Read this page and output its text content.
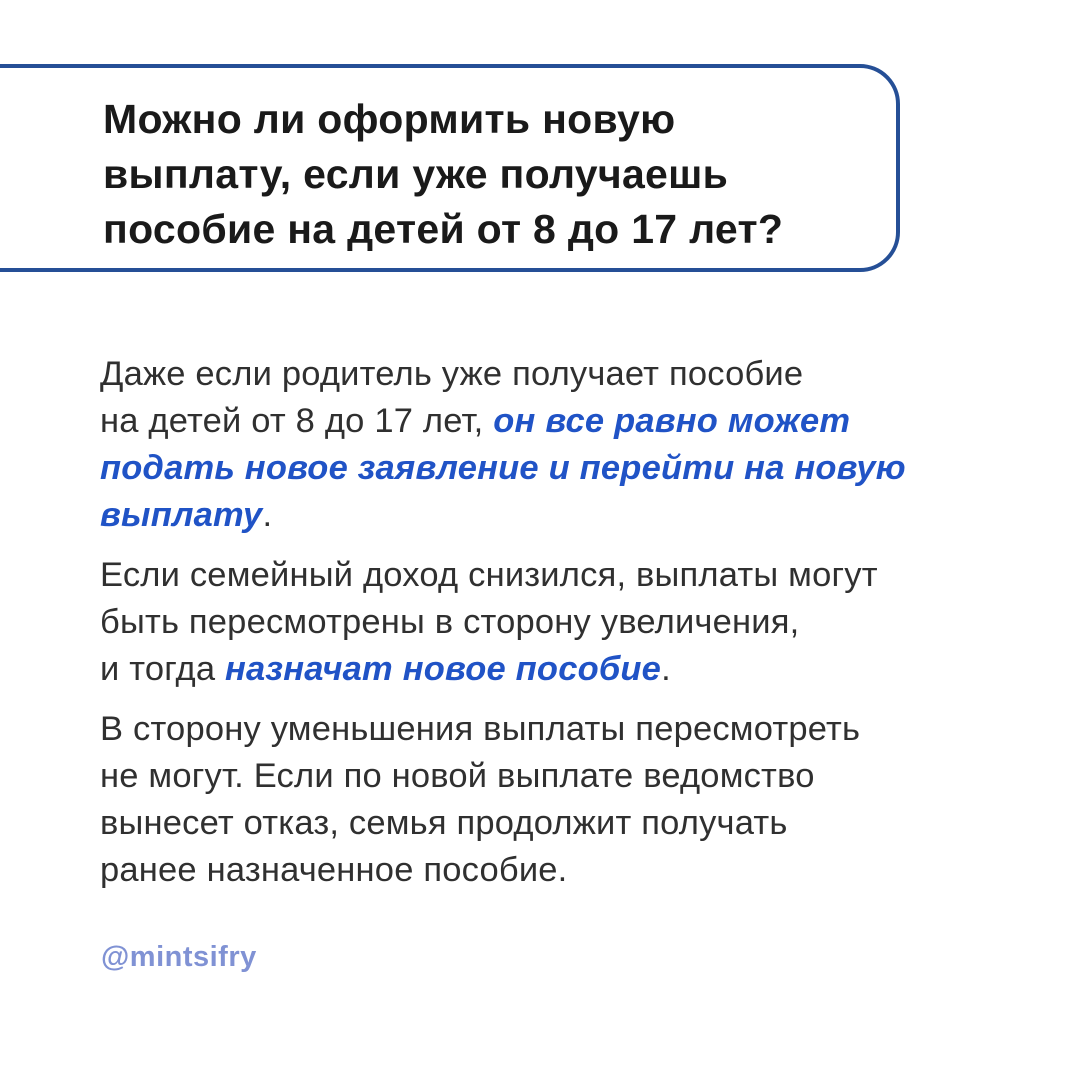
Можно ли оформить новую
выплату, если уже получаешь
пособие на детей от 8 до 17 лет?

Даже если родитель уже получает пособие
на детей от 8 до 17 лет, он все равно может
подать новое заявление и перейти на новую
выплату.

Если семейный доход снизился, выплаты могут
быть пересмотрены в сторону увеличения,
и тогда назначат новое пособие.

В сторону уменьшения выплаты пересмотреть
не могут. Если по новой выплате ведомство
вынесет отказ, семья продолжит получать
ранее назначенное пособие.

@mintsifry
